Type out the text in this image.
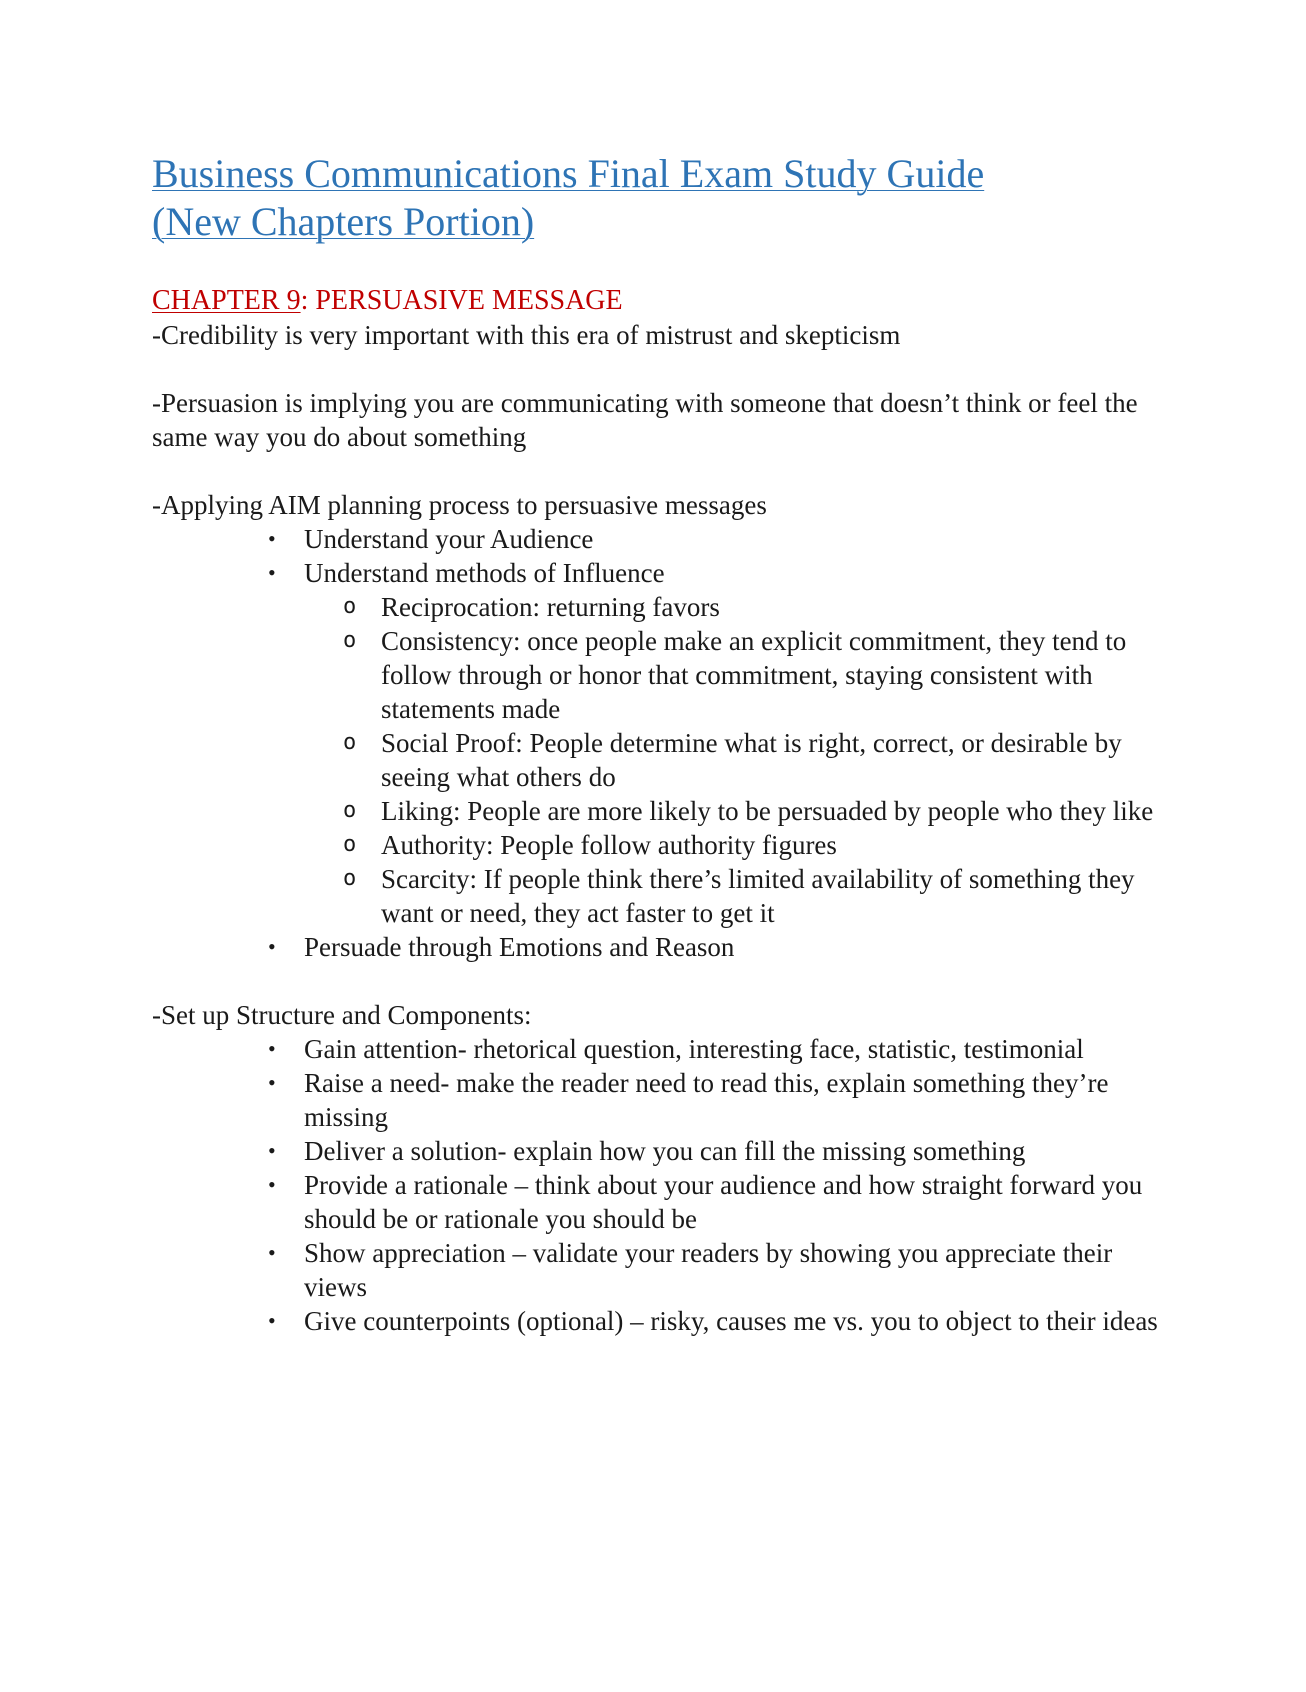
Business Communications Final Exam Study Guide
(New Chapters Portion)
CHAPTER 9: PERSUASIVE MESSAGE

-Credibility is very important with this era of mistrust and skepticism

-Persuasion is implying you are communicating with someone that doesn’t think or feel the same way you do about something

-Applying AIM planning process to persuasive messages

• Understand your Audience
• Understand methods of Influence
o Reciprocation: returning favors
o Consistency: once people make an explicit commitment, they tend to follow through or honor that commitment, staying consistent with statements made
o Social Proof: People determine what is right, correct, or desirable by seeing what others do
o Liking: People are more likely to be persuaded by people who they like
o Authority: People follow authority figures
o Scarcity: If people think there’s limited availability of something they want or need, they act faster to get it
• Persuade through Emotions and Reason

-Set up Structure and Components:

• Gain attention- rhetorical question, interesting face, statistic, testimonial
• Raise a need- make the reader need to read this, explain something they’re missing
• Deliver a solution- explain how you can fill the missing something
• Provide a rationale – think about your audience and how straight forward you should be or rationale you should be
• Show appreciation – validate your readers by showing you appreciate their views
• Give counterpoints (optional) – risky, causes me vs. you to object to their ideas
